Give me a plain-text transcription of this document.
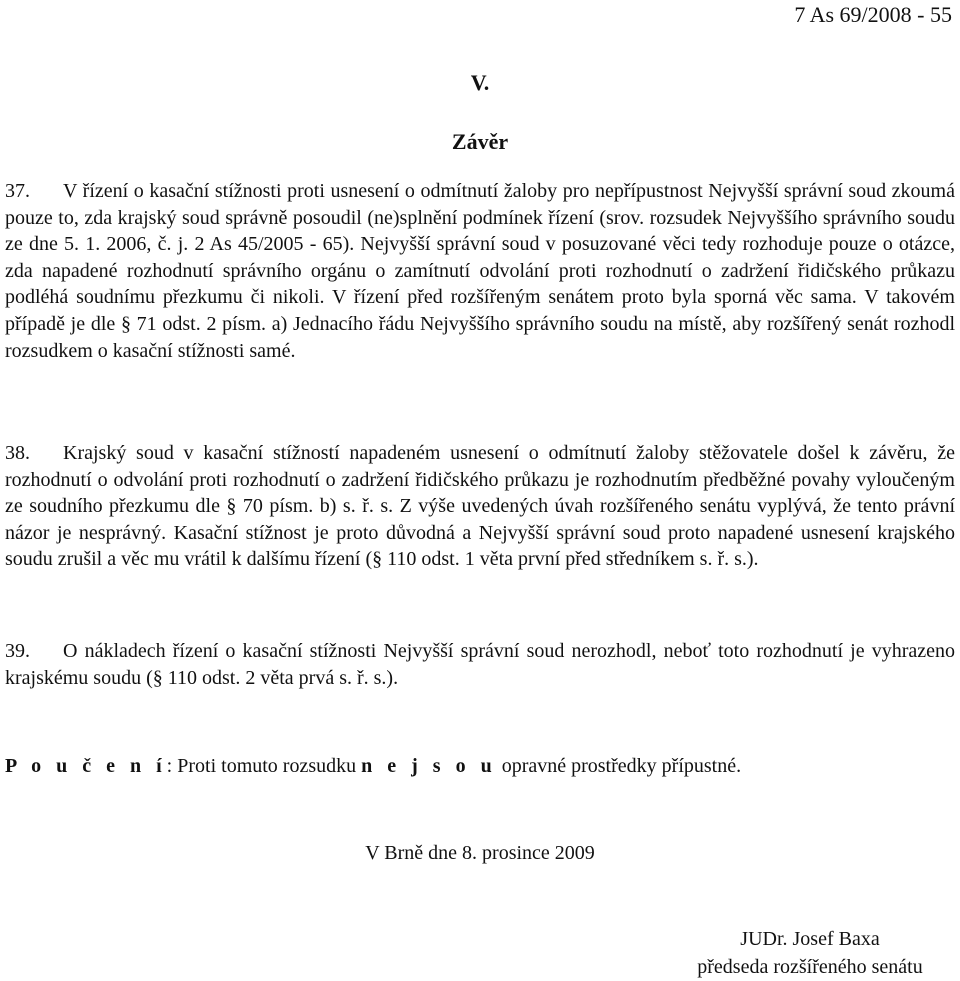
7 As 69/2008 - 55
V.
Závěr

37. V řízení o kasační stížnosti proti usnesení o odmítnutí žaloby pro nepřípustnost Nejvyšší správní soud zkoumá pouze to, zda krajský soud správně posoudil (ne)splnění podmínek řízení (srov. rozsudek Nejvyššího správního soudu ze dne 5. 1. 2006, č. j. 2 As 45/2005 - 65). Nejvyšší správní soud v posuzované věci tedy rozhoduje pouze o otázce, zda napadené rozhodnutí správního orgánu o zamítnutí odvolání proti rozhodnutí o zadržení řidičského průkazu podléhá soudnímu přezkumu či nikoli. V řízení před rozšířeným senátem proto byla sporná věc sama. V takovém případě je dle § 71 odst. 2 písm. a) Jednacího řádu Nejvyššího správního soudu na místě, aby rozšířený senát rozhodl rozsudkem o kasační stížnosti samé.

38. Krajský soud v kasační stížností napadeném usnesení o odmítnutí žaloby stěžovatele došel k závěru, že rozhodnutí o odvolání proti rozhodnutí o zadržení řidičského průkazu je rozhodnutím předběžné povahy vyloučeným ze soudního přezkumu dle § 70 písm. b) s. ř. s. Z výše uvedených úvah rozšířeného senátu vyplývá, že tento právní názor je nesprávný. Kasační stížnost je proto důvodná a Nejvyšší správní soud proto napadené usnesení krajského soudu zrušil a věc mu vrátil k dalšímu řízení (§ 110 odst. 1 věta první před středníkem s. ř. s.).

39. O nákladech řízení o kasační stížnosti Nejvyšší správní soud nerozhodl, neboť toto rozhodnutí je vyhrazeno krajskému soudu (§ 110 odst. 2 věta prvá s. ř. s.).

P o u č e n í: Proti tomuto rozsudku n e j s o u opravné prostředky přípustné.
V Brně dne 8. prosince 2009
JUDr. Josef Baxa
předseda rozšířeného senátu
